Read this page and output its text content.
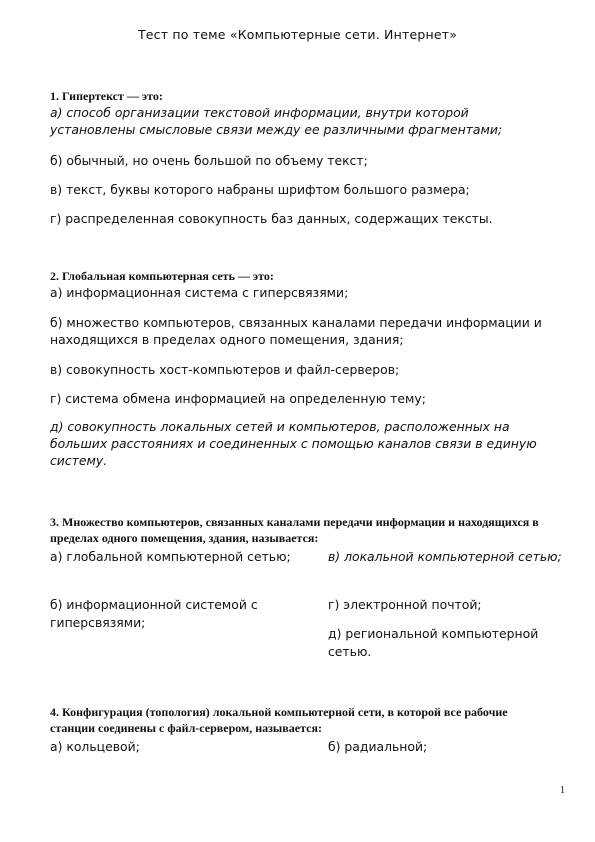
Тест по теме «Компьютерные сети. Интернет»
1. Гипертекст — это:
а) способ организации текстовой информации, внутри которой установлены смысловые связи между ее различными фрагментами;
б) обычный, но очень большой по объему текст;
в) текст, буквы которого набраны шрифтом большого размера;
г) распределенная совокупность баз данных, содержащих тексты.
2. Глобальная компьютерная сеть — это:
а) информационная система с гиперсвязями;
б) множество компьютеров, связанных каналами передачи информации и находящихся в пределах одного помещения, здания;
в) совокупность хост-компьютеров и файл-серверов;
г) система обмена информацией на определенную тему;
д) совокупность локальных сетей и компьютеров, расположенных на больших расстояниях и соединенных с помощью каналов связи в единую систему.
3. Множество компьютеров, связанных каналами передачи информации и находящихся в пределах одного помещения, здания, называется:
а) глобальной компьютерной сетью;	в) локальной компьютерной сетью;
б) информационной системой с гиперсвязями;
г) электронной почтой;
д) региональной компьютерной сетью.
4. Конфигурация (топология) локальной компьютерной сети, в которой все рабочие станции соединены с файл-сервером, называется:
а) кольцевой;	б) радиальной;
1
